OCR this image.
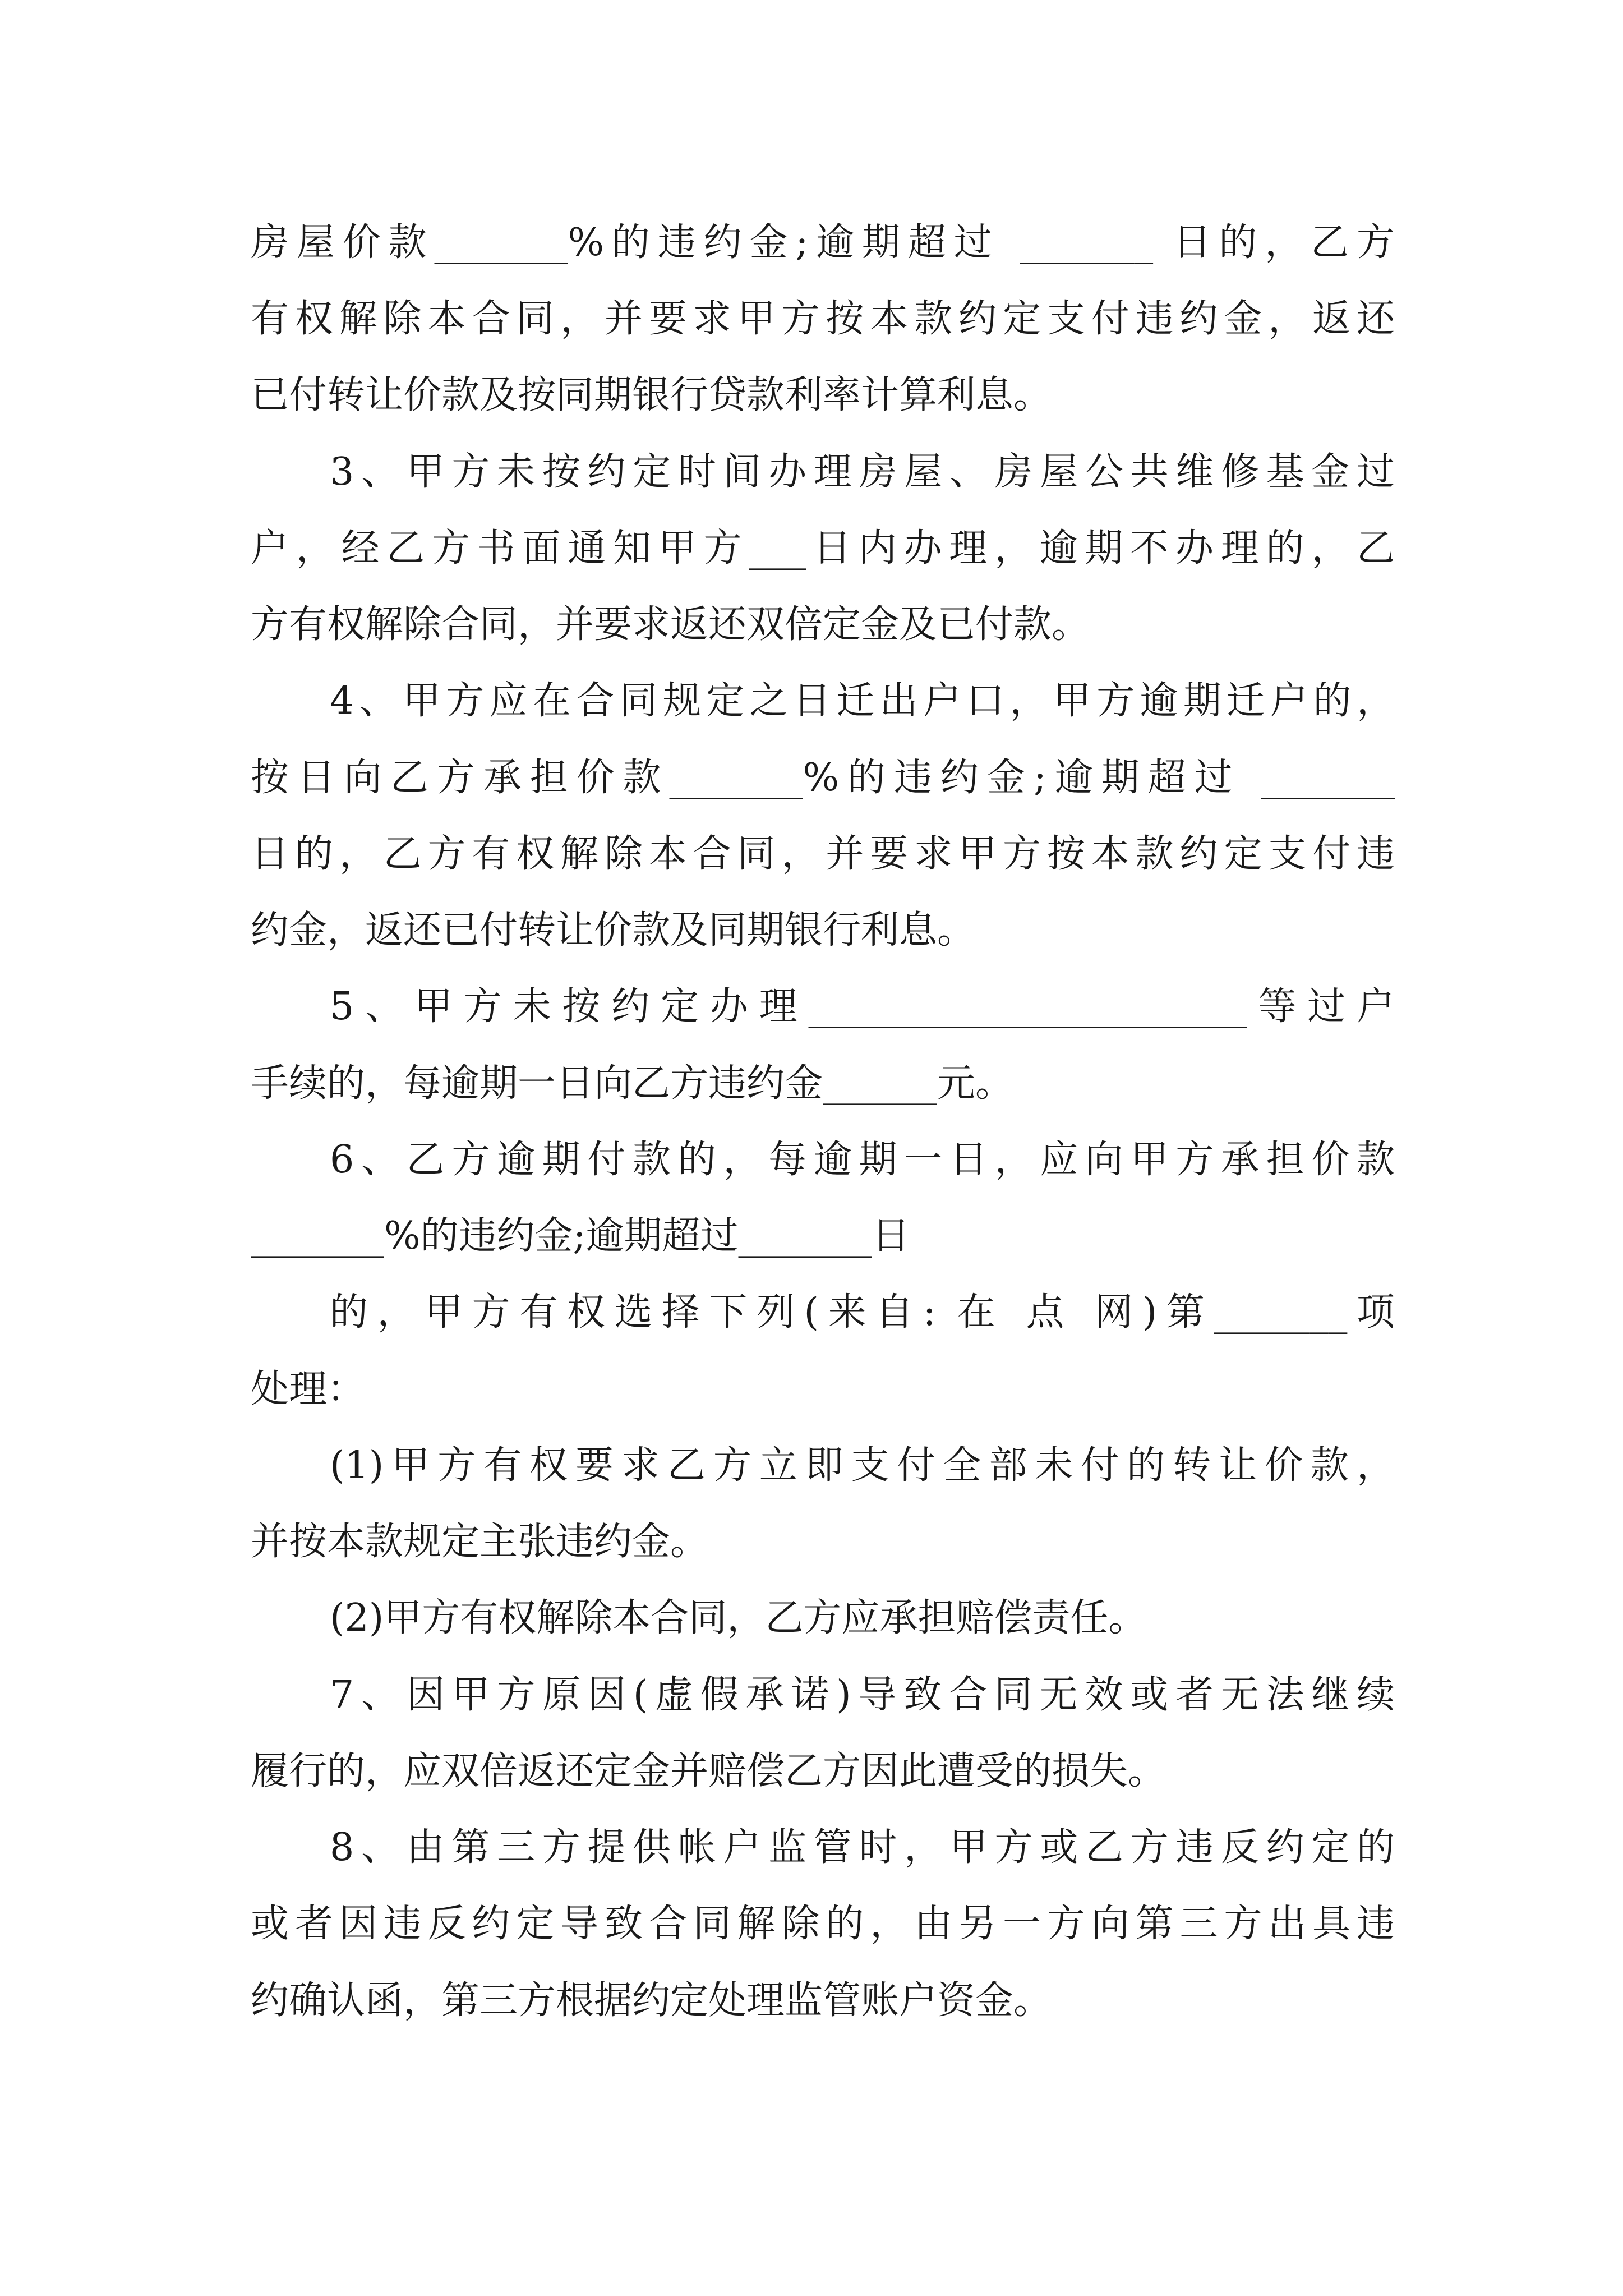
房屋价款_______%的违约金;逾期超过 _______ 日的，乙方

有权解除本合同，并要求甲方按本款约定支付违约金，返还

已付转让价款及按同期银行贷款利率计算利息。

3、甲方未按约定时间办理房屋、房屋公共维修基金过

户，经乙方书面通知甲方___日内办理，逾期不办理的，乙

方有权解除合同，并要求返还双倍定金及已付款。

4、甲方应在合同规定之日迁出户口，甲方逾期迁户的，

按日向乙方承担价款_______%的违约金;逾期超过 _______

日的，乙方有权解除本合同，并要求甲方按本款约定支付违

约金，返还已付转让价款及同期银行利息。

5、甲方未按约定办理_______________________等过户

手续的，每逾期一日向乙方违约金______元。

6、乙方逾期付款的，每逾期一日，应向甲方承担价款

_______%的违约金;逾期超过_______日

的，甲方有权选择下列(来自: 在 点 网)第_______项

处理：

(1)甲方有权要求乙方立即支付全部未付的转让价款，

并按本款规定主张违约金。

(2)甲方有权解除本合同，乙方应承担赔偿责任。

7、因甲方原因(虚假承诺)导致合同无效或者无法继续

履行的，应双倍返还定金并赔偿乙方因此遭受的损失。

8、由第三方提供帐户监管时，甲方或乙方违反约定的

或者因违反约定导致合同解除的，由另一方向第三方出具违

约确认函，第三方根据约定处理监管账户资金。
